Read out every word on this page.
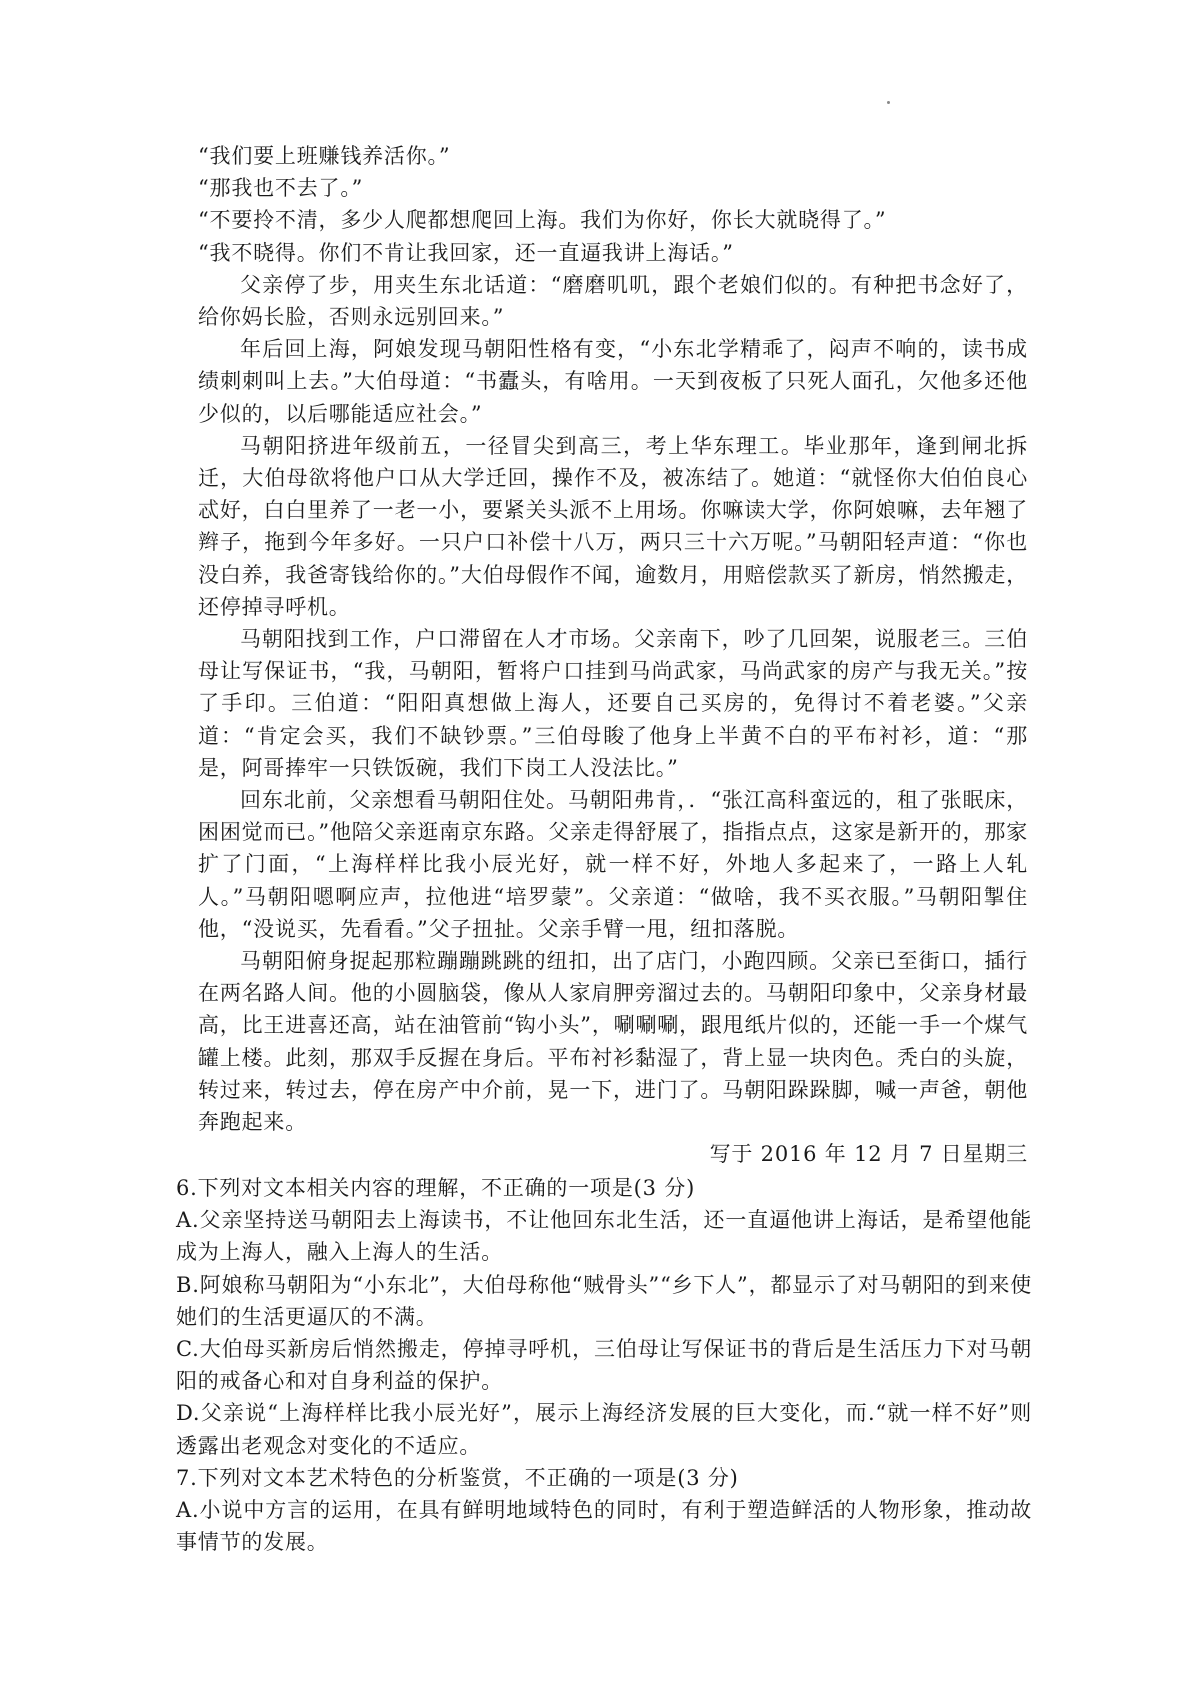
“我们要上班赚钱养活你。”

“那我也不去了。”

“不要拎不清，多少人爬都想爬回上海。我们为你好，你长大就晓得了。”

“我不晓得。你们不肯让我回家，还一直逼我讲上海话。”

父亲停了步，用夹生东北话道：“磨磨叽叽，跟个老娘们似的。有种把书念好了，给你妈长脸，否则永远别回来。”

年后回上海，阿娘发现马朝阳性格有变，“小东北学精乖了，闷声不响的，读书成绩刺刺叫上去。”大伯母道：“书蠹头，有啥用。一天到夜板了只死人面孔，欠他多还他少似的，以后哪能适应社会。”

马朝阳挤进年级前五，一径冒尖到高三，考上华东理工。毕业那年，逢到闸北拆迁，大伯母欲将他户口从大学迁回，操作不及，被冻结了。她道：“就怪你大伯伯良心忒好，白白里养了一老一小，要紧关头派不上用场。你嘛读大学，你阿娘嘛，去年翘了辫子，拖到今年多好。一只户口补偿十八万，两只三十六万呢。”马朝阳轻声道：“你也没白养，我爸寄钱给你的。”大伯母假作不闻，逾数月，用赔偿款买了新房，悄然搬走，还停掉寻呼机。

马朝阳找到工作，户口滞留在人才市场。父亲南下，吵了几回架，说服老三。三伯母让写保证书，“我，马朝阳，暂将户口挂到马尚武家，马尚武家的房产与我无关。”按了手印。三伯道：“阳阳真想做上海人，还要自己买房的，免得讨不着老婆。”父亲道：“肯定会买，我们不缺钞票。”三伯母睃了他身上半黄不白的平布衬衫，道：“那是，阿哥捧牢一只铁饭碗，我们下岗工人没法比。”

回东北前，父亲想看马朝阳住处。马朝阳弗肯，．“张江高科蛮远的，租了张眠床，困困觉而已。”他陪父亲逛南京东路。父亲走得舒展了，指指点点，这家是新开的，那家扩了门面，“上海样样比我小辰光好，就一样不好，外地人多起来了，一路上人轧人。”马朝阳嗯啊应声，拉他进“培罗蒙”。父亲道：“做啥，我不买衣服。”马朝阳掣住他，“没说买，先看看。”父子扭扯。父亲手臂一甩，纽扣落脱。

马朝阳俯身捉起那粒蹦蹦跳跳的纽扣，出了店门，小跑四顾。父亲已至街口，插行在两名路人间。他的小圆脑袋，像从人家肩胛旁溜过去的。马朝阳印象中，父亲身材最高，比王进喜还高，站在油管前“钩小头”，唰唰唰，跟甩纸片似的，还能一手一个煤气罐上楼。此刻，那双手反握在身后。平布衬衫黏湿了，背上显一块肉色。秃白的头旋，转过来，转过去，停在房产中介前，晃一下，进门了。马朝阳跺跺脚，喊一声爸，朝他奔跑起来。

写于 2016 年 12 月 7 日星期三

6.下列对文本相关内容的理解，不正确的一项是(3 分)

A.父亲坚持送马朝阳去上海读书，不让他回东北生活，还一直逼他讲上海话，是希望他能成为上海人，融入上海人的生活。

B.阿娘称马朝阳为“小东北”，大伯母称他“贼骨头”“乡下人”，都显示了对马朝阳的到来使她们的生活更逼仄的不满。

C.大伯母买新房后悄然搬走，停掉寻呼机，三伯母让写保证书的背后是生活压力下对马朝阳的戒备心和对自身利益的保护。

D.父亲说“上海样样比我小辰光好”，展示上海经济发展的巨大变化，而.“就一样不好”则透露出老观念对变化的不适应。

7.下列对文本艺术特色的分析鉴赏，不正确的一项是(3 分)

A.小说中方言的运用，在具有鲜明地域特色的同时，有利于塑造鲜活的人物形象，推动故事情节的发展。
